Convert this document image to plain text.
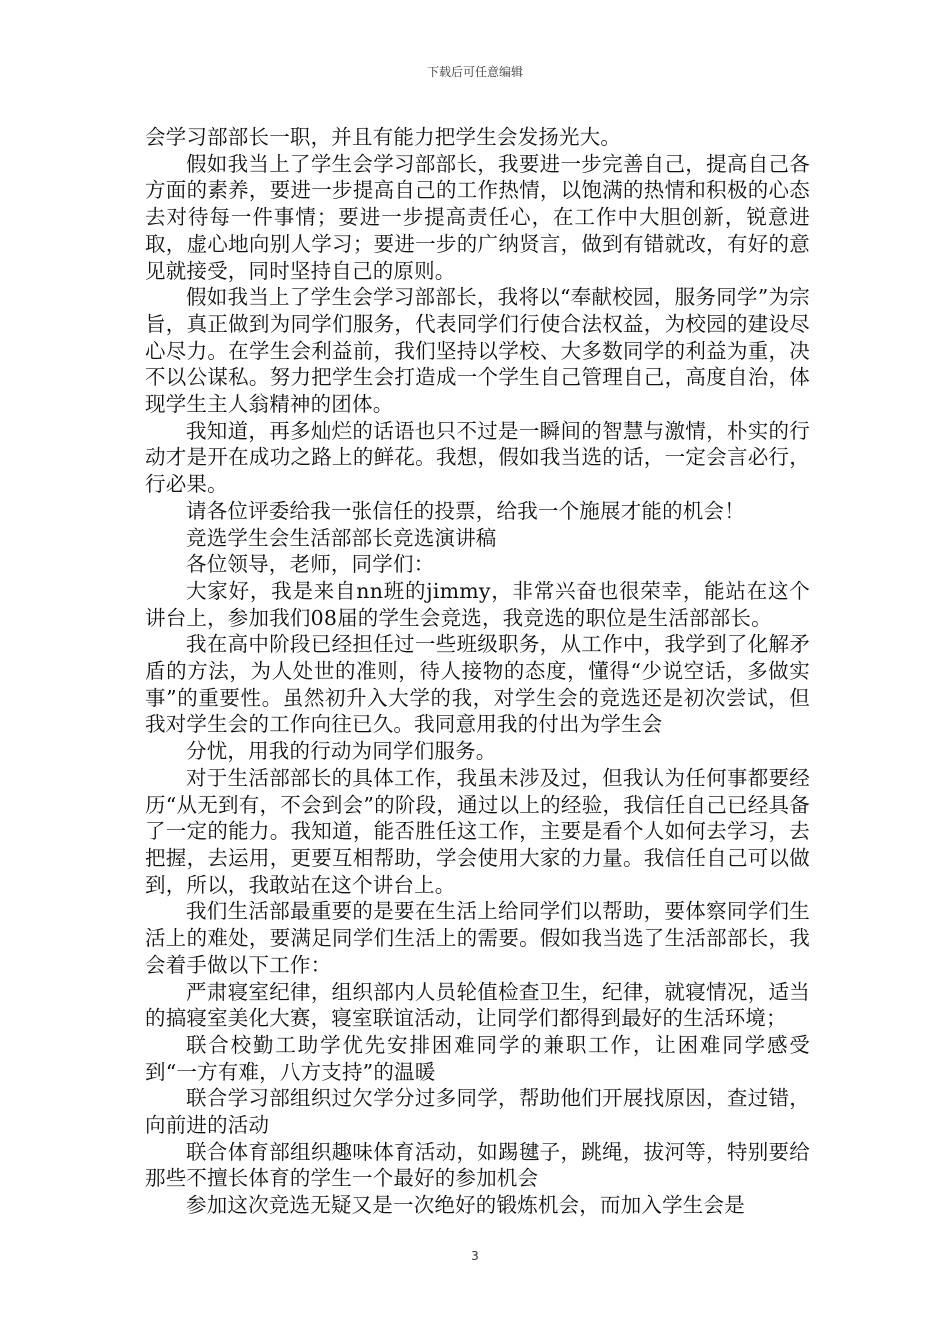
下载后可任意编辑

会学习部部长一职，并且有能力把学生会发扬光大。

假如我当上了学生会学习部部长，我要进一步完善自己，提高自己各方面的素养，要进一步提高自己的工作热情，以饱满的热情和积极的心态去对待每一件事情；要进一步提高责任心，在工作中大胆创新，锐意进取，虚心地向别人学习；要进一步的广纳贤言，做到有错就改，有好的意见就接受，同时坚持自己的原则。

假如我当上了学生会学习部部长，我将以“奉献校园，服务同学”为宗旨，真正做到为同学们服务，代表同学们行使合法权益，为校园的建设尽心尽力。在学生会利益前，我们坚持以学校、大多数同学的利益为重，决不以公谋私。努力把学生会打造成一个学生自己管理自己，高度自治，体现学生主人翁精神的团体。

我知道，再多灿烂的话语也只不过是一瞬间的智慧与激情，朴实的行动才是开在成功之路上的鲜花。我想，假如我当选的话，一定会言必行，行必果。

请各位评委给我一张信任的投票，给我一个施展才能的机会！

竞选学生会生活部部长竞选演讲稿

各位领导，老师，同学们：

大家好，我是来自nn班的jimmy，非常兴奋也很荣幸，能站在这个讲台上，参加我们08届的学生会竞选，我竞选的职位是生活部部长。

我在高中阶段已经担任过一些班级职务，从工作中，我学到了化解矛盾的方法，为人处世的准则，待人接物的态度，懂得“少说空话，多做实事”的重要性。虽然初升入大学的我，对学生会的竞选还是初次尝试，但我对学生会的工作向往已久。我同意用我的付出为学生会

分忧，用我的行动为同学们服务。

对于生活部部长的具体工作，我虽未涉及过，但我认为任何事都要经历“从无到有，不会到会”的阶段，通过以上的经验，我信任自己已经具备了一定的能力。我知道，能否胜任这工作，主要是看个人如何去学习，去把握，去运用，更要互相帮助，学会使用大家的力量。我信任自己可以做到，所以，我敢站在这个讲台上。

我们生活部最重要的是要在生活上给同学们以帮助，要体察同学们生活上的难处，要满足同学们生活上的需要。假如我当选了生活部部长，我会着手做以下工作：

严肃寝室纪律，组织部内人员轮值检查卫生，纪律，就寝情况，适当的搞寝室美化大赛，寝室联谊活动，让同学们都得到最好的生活环境；

联合校勤工助学优先安排困难同学的兼职工作，让困难同学感受到“一方有难，八方支持”的温暖

联合学习部组织过欠学分过多同学，帮助他们开展找原因，查过错，向前进的活动

联合体育部组织趣味体育活动，如踢毽子，跳绳，拔河等，特别要给那些不擅长体育的学生一个最好的参加机会

参加这次竞选无疑又是一次绝好的锻炼机会，而加入学生会是

3
